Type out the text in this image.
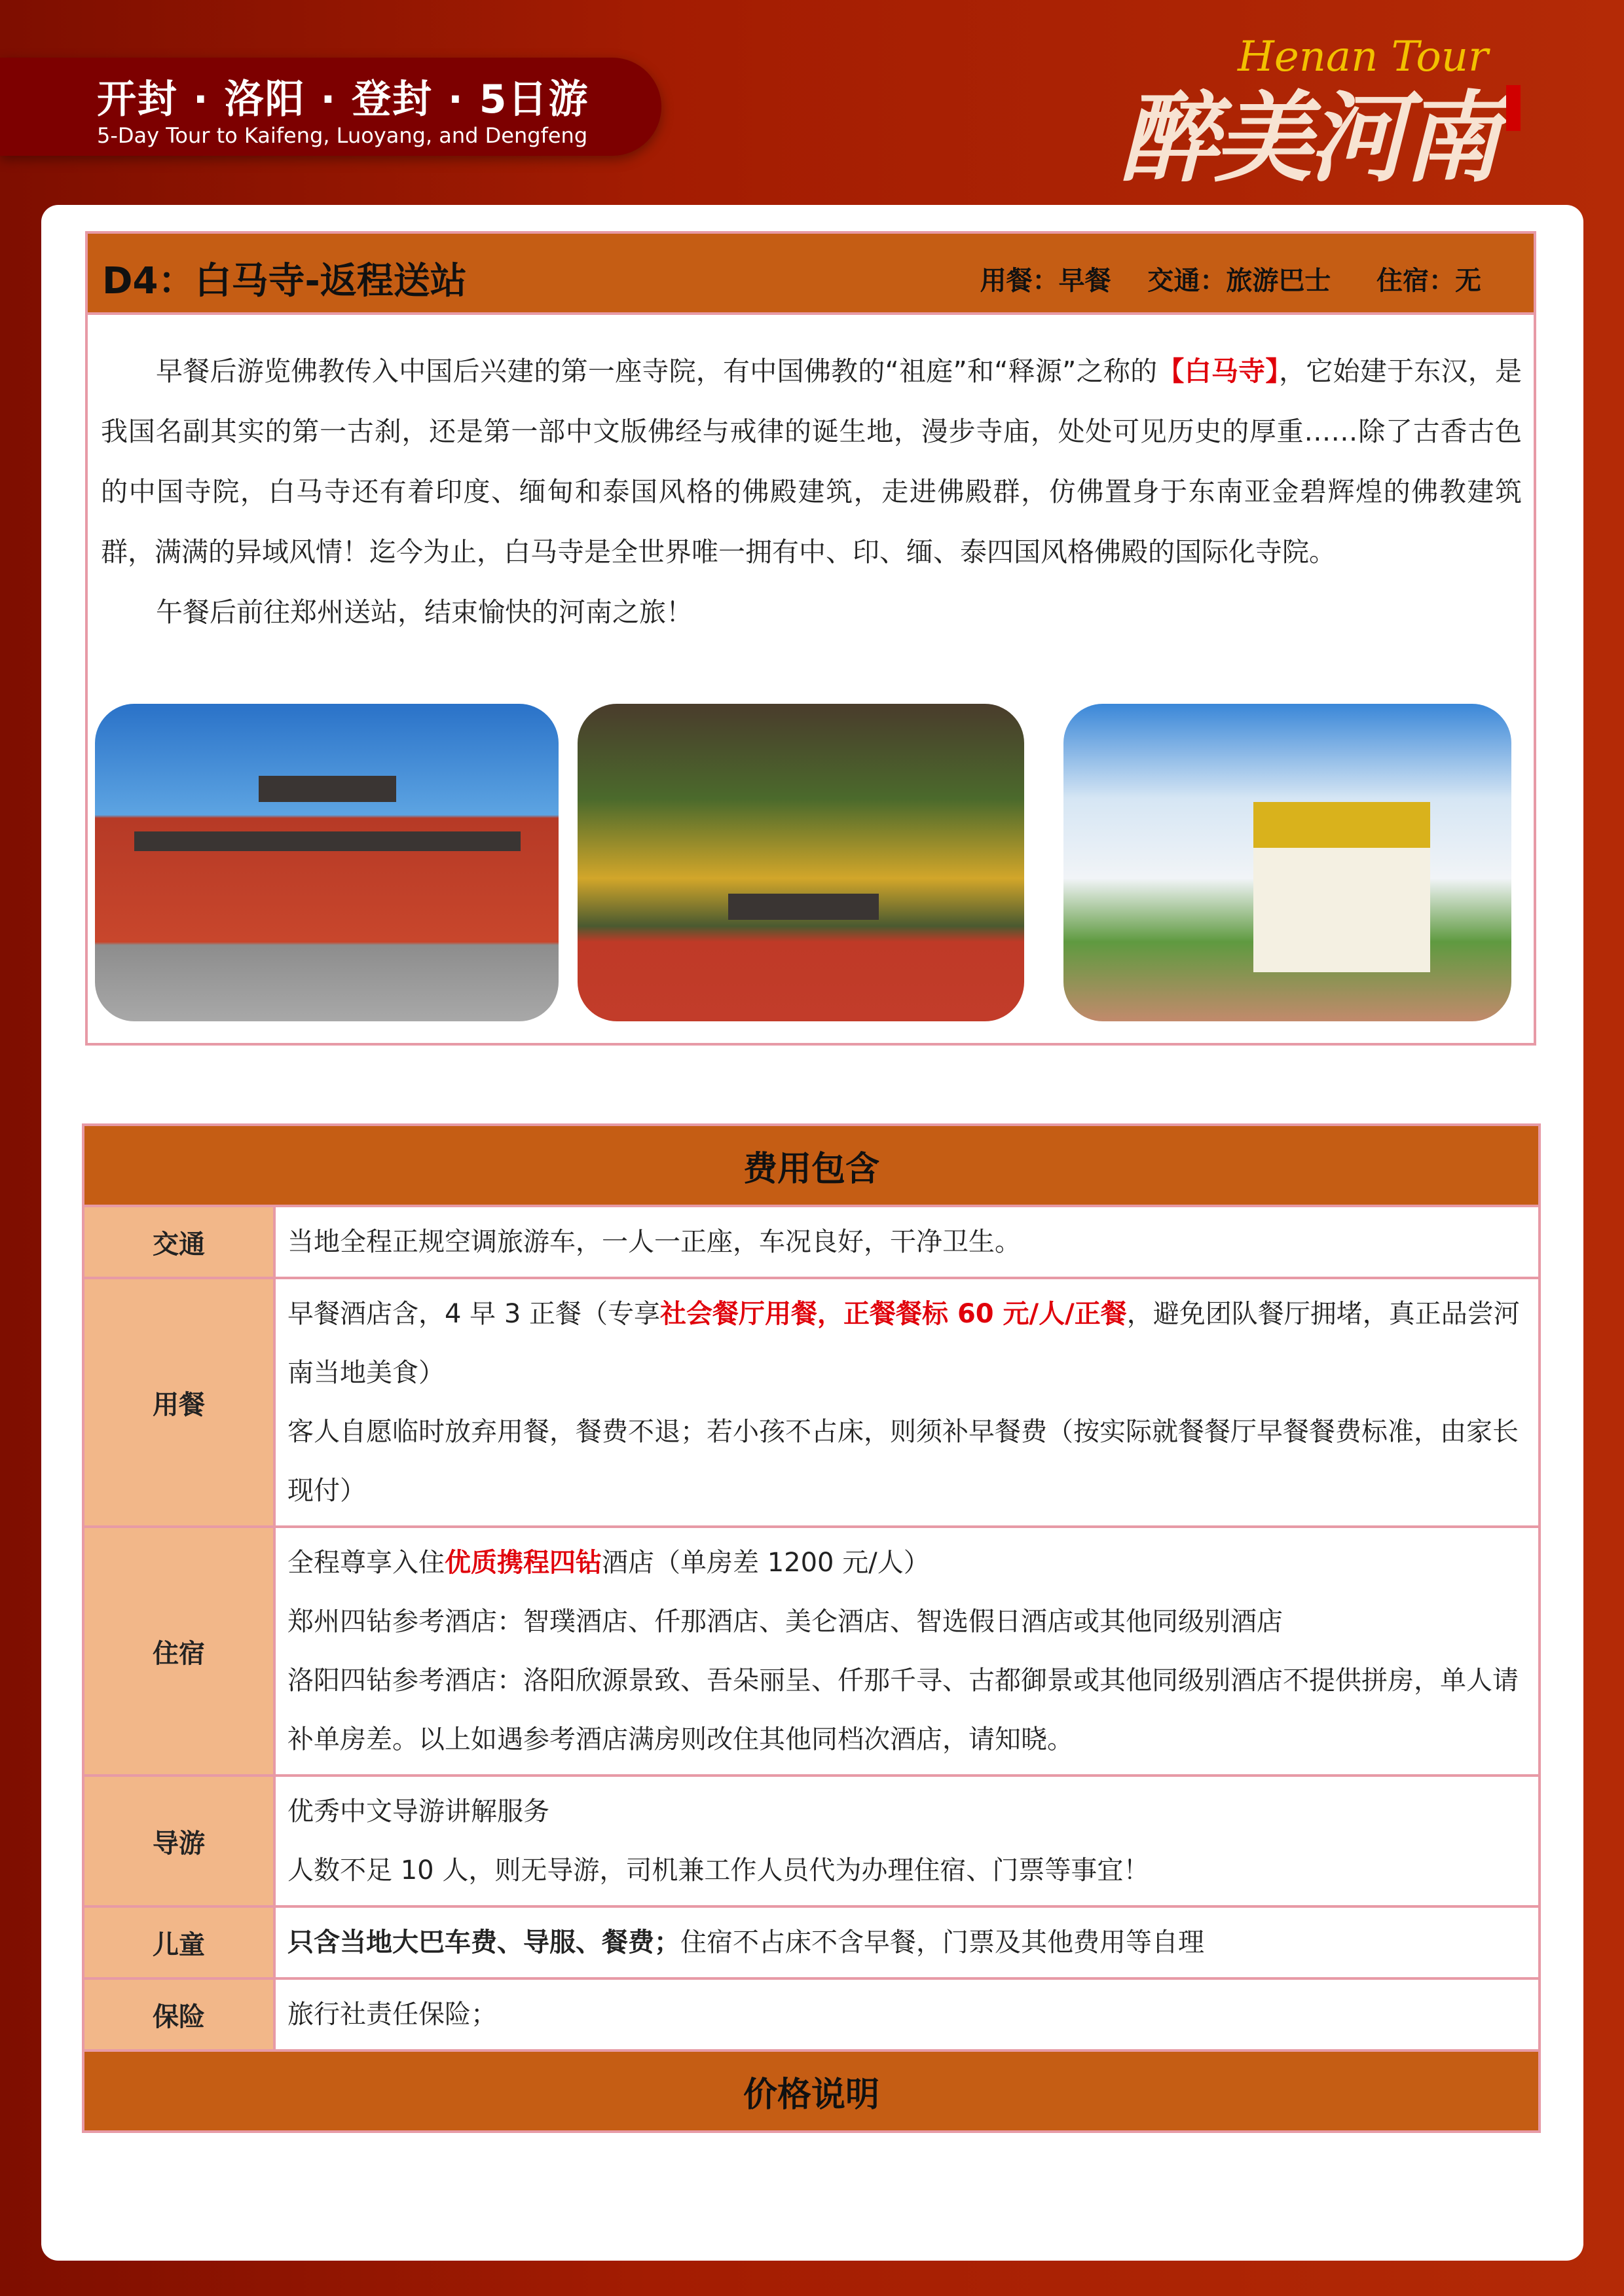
开封 · 洛阳 · 登封 · 5日游
5-Day Tour to Kaifeng, Luoyang, and Dengfeng	醉美河南
Henan Tour
D4：白马寺-返程送站	用餐：早餐    交通：旅游巴士     住宿：无

早餐后游览佛教传入中国后兴建的第一座寺院，有中国佛教的“祖庭”和“释源”之称的【白马寺】，它始建于东汉，是我国名副其实的第一古刹，还是第一部中文版佛经与戒律的诞生地，漫步寺庙，处处可见历史的厚重……除了古香古色的中国寺院，白马寺还有着印度、缅甸和泰国风格的佛殿建筑，走进佛殿群，仿佛置身于东南亚金碧辉煌的佛教建筑群，满满的异域风情！迄今为止，白马寺是全世界唯一拥有中、印、缅、泰四国风格佛殿的国际化寺院。

午餐后前往郑州送站，结束愉快的河南之旅！

费用包含	
交通	当地全程正规空调旅游车，一人一正座，车况良好，干净卫生。
用餐	早餐酒店含，4 早 3 正餐（专享社会餐厅用餐，正餐餐标 60 元/人/正餐，避免团队餐厅拥堵，真正品尝河南当地美食）
客人自愿临时放弃用餐，餐费不退；若小孩不占床，则须补早餐费（按实际就餐餐厅早餐餐费标准，由家长现付）

住宿	全程尊享入住优质携程四钻酒店（单房差 1200 元/人）
郑州四钻参考酒店：智璞酒店、仟那酒店、美仑酒店、智选假日酒店或其他同级别酒店
洛阳四钻参考酒店：洛阳欣源景致、吾朵丽呈、仟那千寻、古都御景或其他同级别酒店不提供拼房，单人请补单房差。以上如遇参考酒店满房则改住其他同档次酒店，请知晓。

导游	优秀中文导游讲解服务
人数不足 10 人，则无导游，司机兼工作人员代为办理住宿、门票等事宜！

儿童	只含当地大巴车费、导服、餐费；住宿不占床不含早餐，门票及其他费用等自理
保险	旅行社责任保险；
价格说明	
